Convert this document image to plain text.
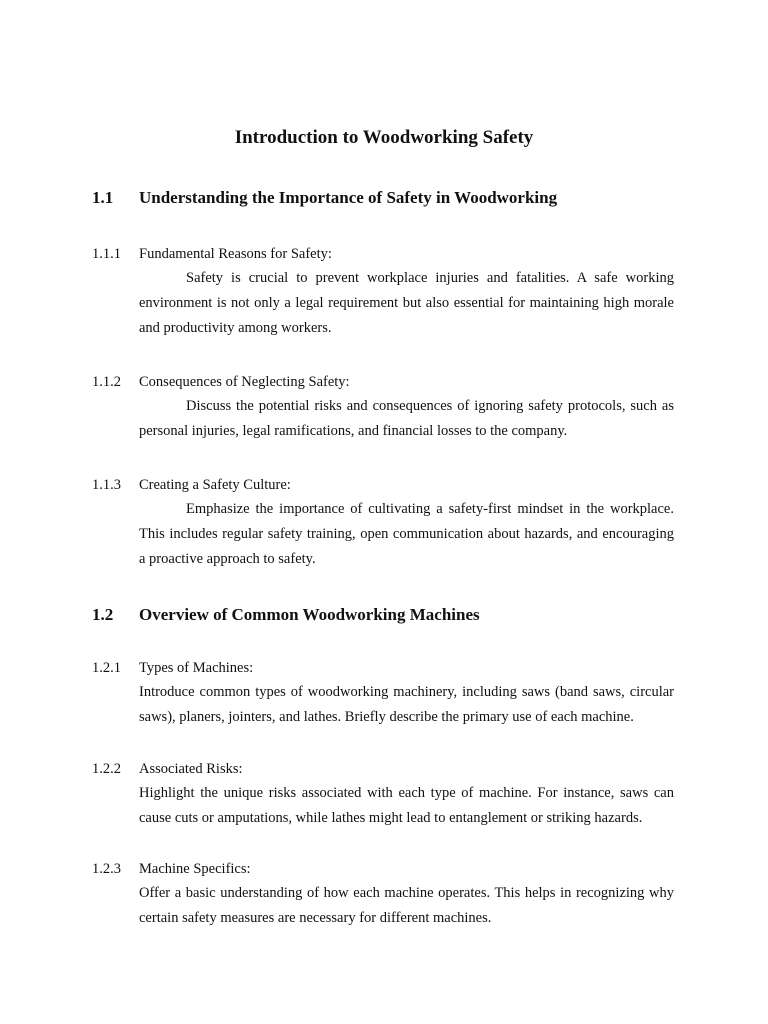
Introduction to Woodworking Safety
1.1 Understanding the Importance of Safety in Woodworking
1.1.1 Fundamental Reasons for Safety:
Safety is crucial to prevent workplace injuries and fatalities. A safe working environment is not only a legal requirement but also essential for maintaining high morale and productivity among workers.
1.1.2 Consequences of Neglecting Safety:
Discuss the potential risks and consequences of ignoring safety protocols, such as personal injuries, legal ramifications, and financial losses to the company.
1.1.3 Creating a Safety Culture:
Emphasize the importance of cultivating a safety-first mindset in the workplace. This includes regular safety training, open communication about hazards, and encouraging a proactive approach to safety.
1.2 Overview of Common Woodworking Machines
1.2.1 Types of Machines:
Introduce common types of woodworking machinery, including saws (band saws, circular saws), planers, jointers, and lathes. Briefly describe the primary use of each machine.
1.2.2 Associated Risks:
Highlight the unique risks associated with each type of machine. For instance, saws can cause cuts or amputations, while lathes might lead to entanglement or striking hazards.
1.2.3 Machine Specifics:
Offer a basic understanding of how each machine operates. This helps in recognizing why certain safety measures are necessary for different machines.
